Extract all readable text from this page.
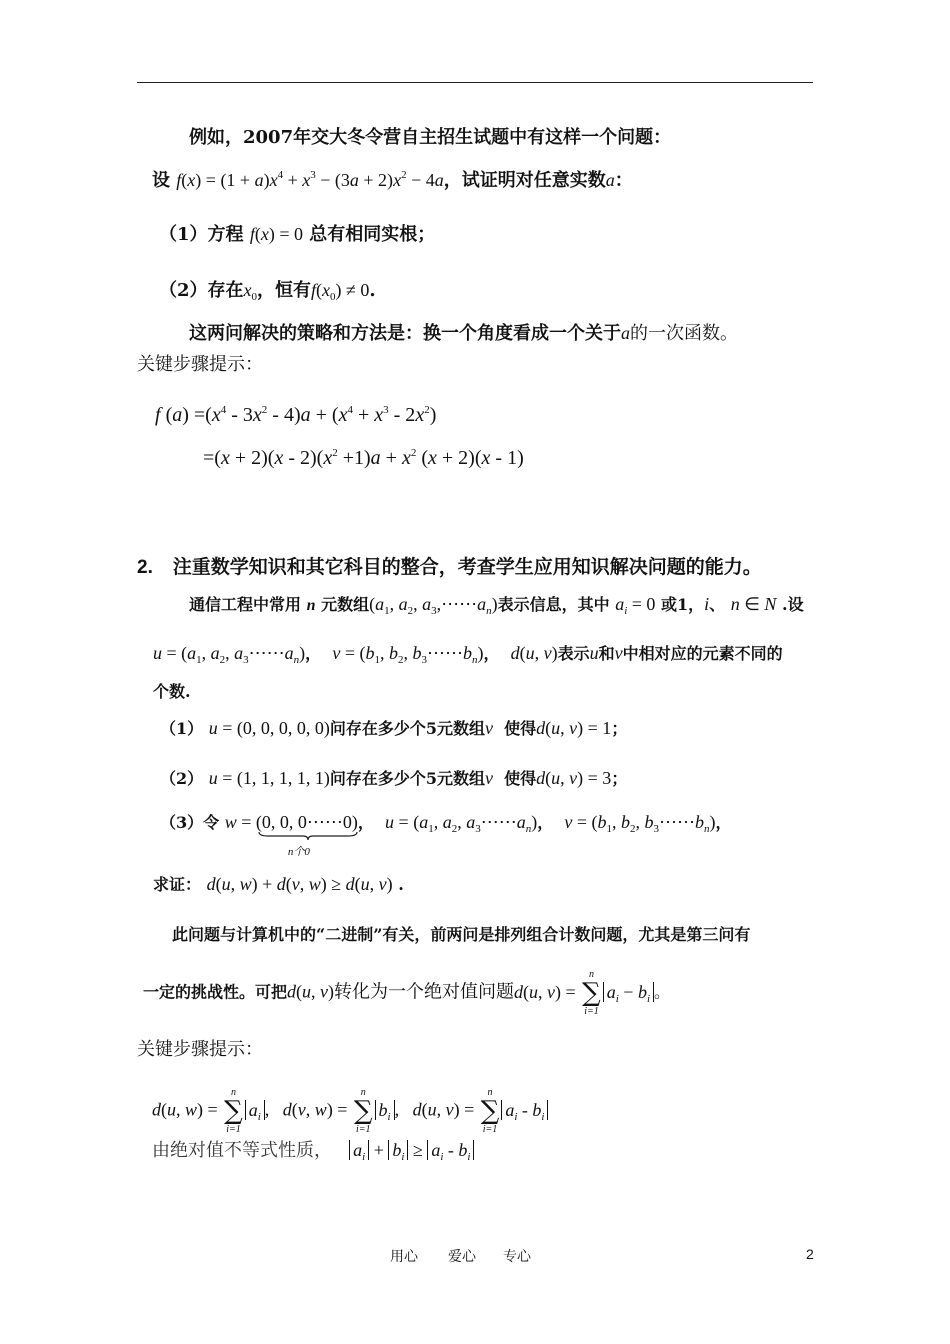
例如，2007年交大冬令营自主招生试题中有这样一个问题：
设 $f(x) = (1 + a)x^4 + x^3 - (3a + 2)x^2 - 4a$，试证明对任意实数a：
（1）方程 f(x) = 0 总有相同实根；
（2）存在$x_0$，恒有$f(x_0) \ne 0$.
这两问解决的策略和方法是：换一个角度看成一个关于a的一次函数。
关键步骤提示：
f $(a) =(x^4 - 3x^2 - 4)a + (x^4 + x^3 - 2x^2)$
$=(x + 2)(x - 2)(x^2 +1)a + x^2$ (x + 2)(x - 1)
2. 注重数学知识和其它科目的整合，考查学生应用知识解决问题的能力。
通信工程中常用 n 元数组($a_1$, $a_2$, $a_3,\cdots\cdots a_n$)表示信息，其中 $a_i = 0$ 或1，i、 n ∈ N .设
$u = (a_1$, $a_2$, $a_3\cdots\cdots a_n$)， $v = (b_1$, $b_2$, $b_3\cdots\cdots b_n$)， d(u, v)表示u和v中相对应的元素不同的
个数.
（1） u = (0, 0, 0, 0, 0)问存在多少个5元数组v 使得d(u, v) = 1；
（2） u = (1, 1, 1, 1, 1)问存在多少个5元数组v 使得d(u, v) = 3；
（3）令 w = (0, 0, 0⋯⋯0)
n个0
， $u = (a_1$, $a_2$, $a_3\cdots\cdots a_n$)， $v = (b_1$, $b_2$, $b_3\cdots\cdots b_n$)，
求证： d(u, w) + d(v, w) ≥ d(u, v) .
此问题与计算机中的“二进制”有关，前两问是排列组合计数问题，尤其是第三问有
一定的挑战性。可把d(u, v)转化为一个绝对值问题d(u, v) =
n
∑
i=1
$a_i - b_i$ 。
关键步骤提示：
d(u, w) =
n
∑
i=1
$a_i$ ,   d(v, w) =
n
∑
i=1
$b_i$ ,   d(u, v) =
n
∑
i=1
$a_i - b_i$
由绝对值不等式性质， $a_i + b_i \ge a_i - b_i$
用心 爱心 专心	2
